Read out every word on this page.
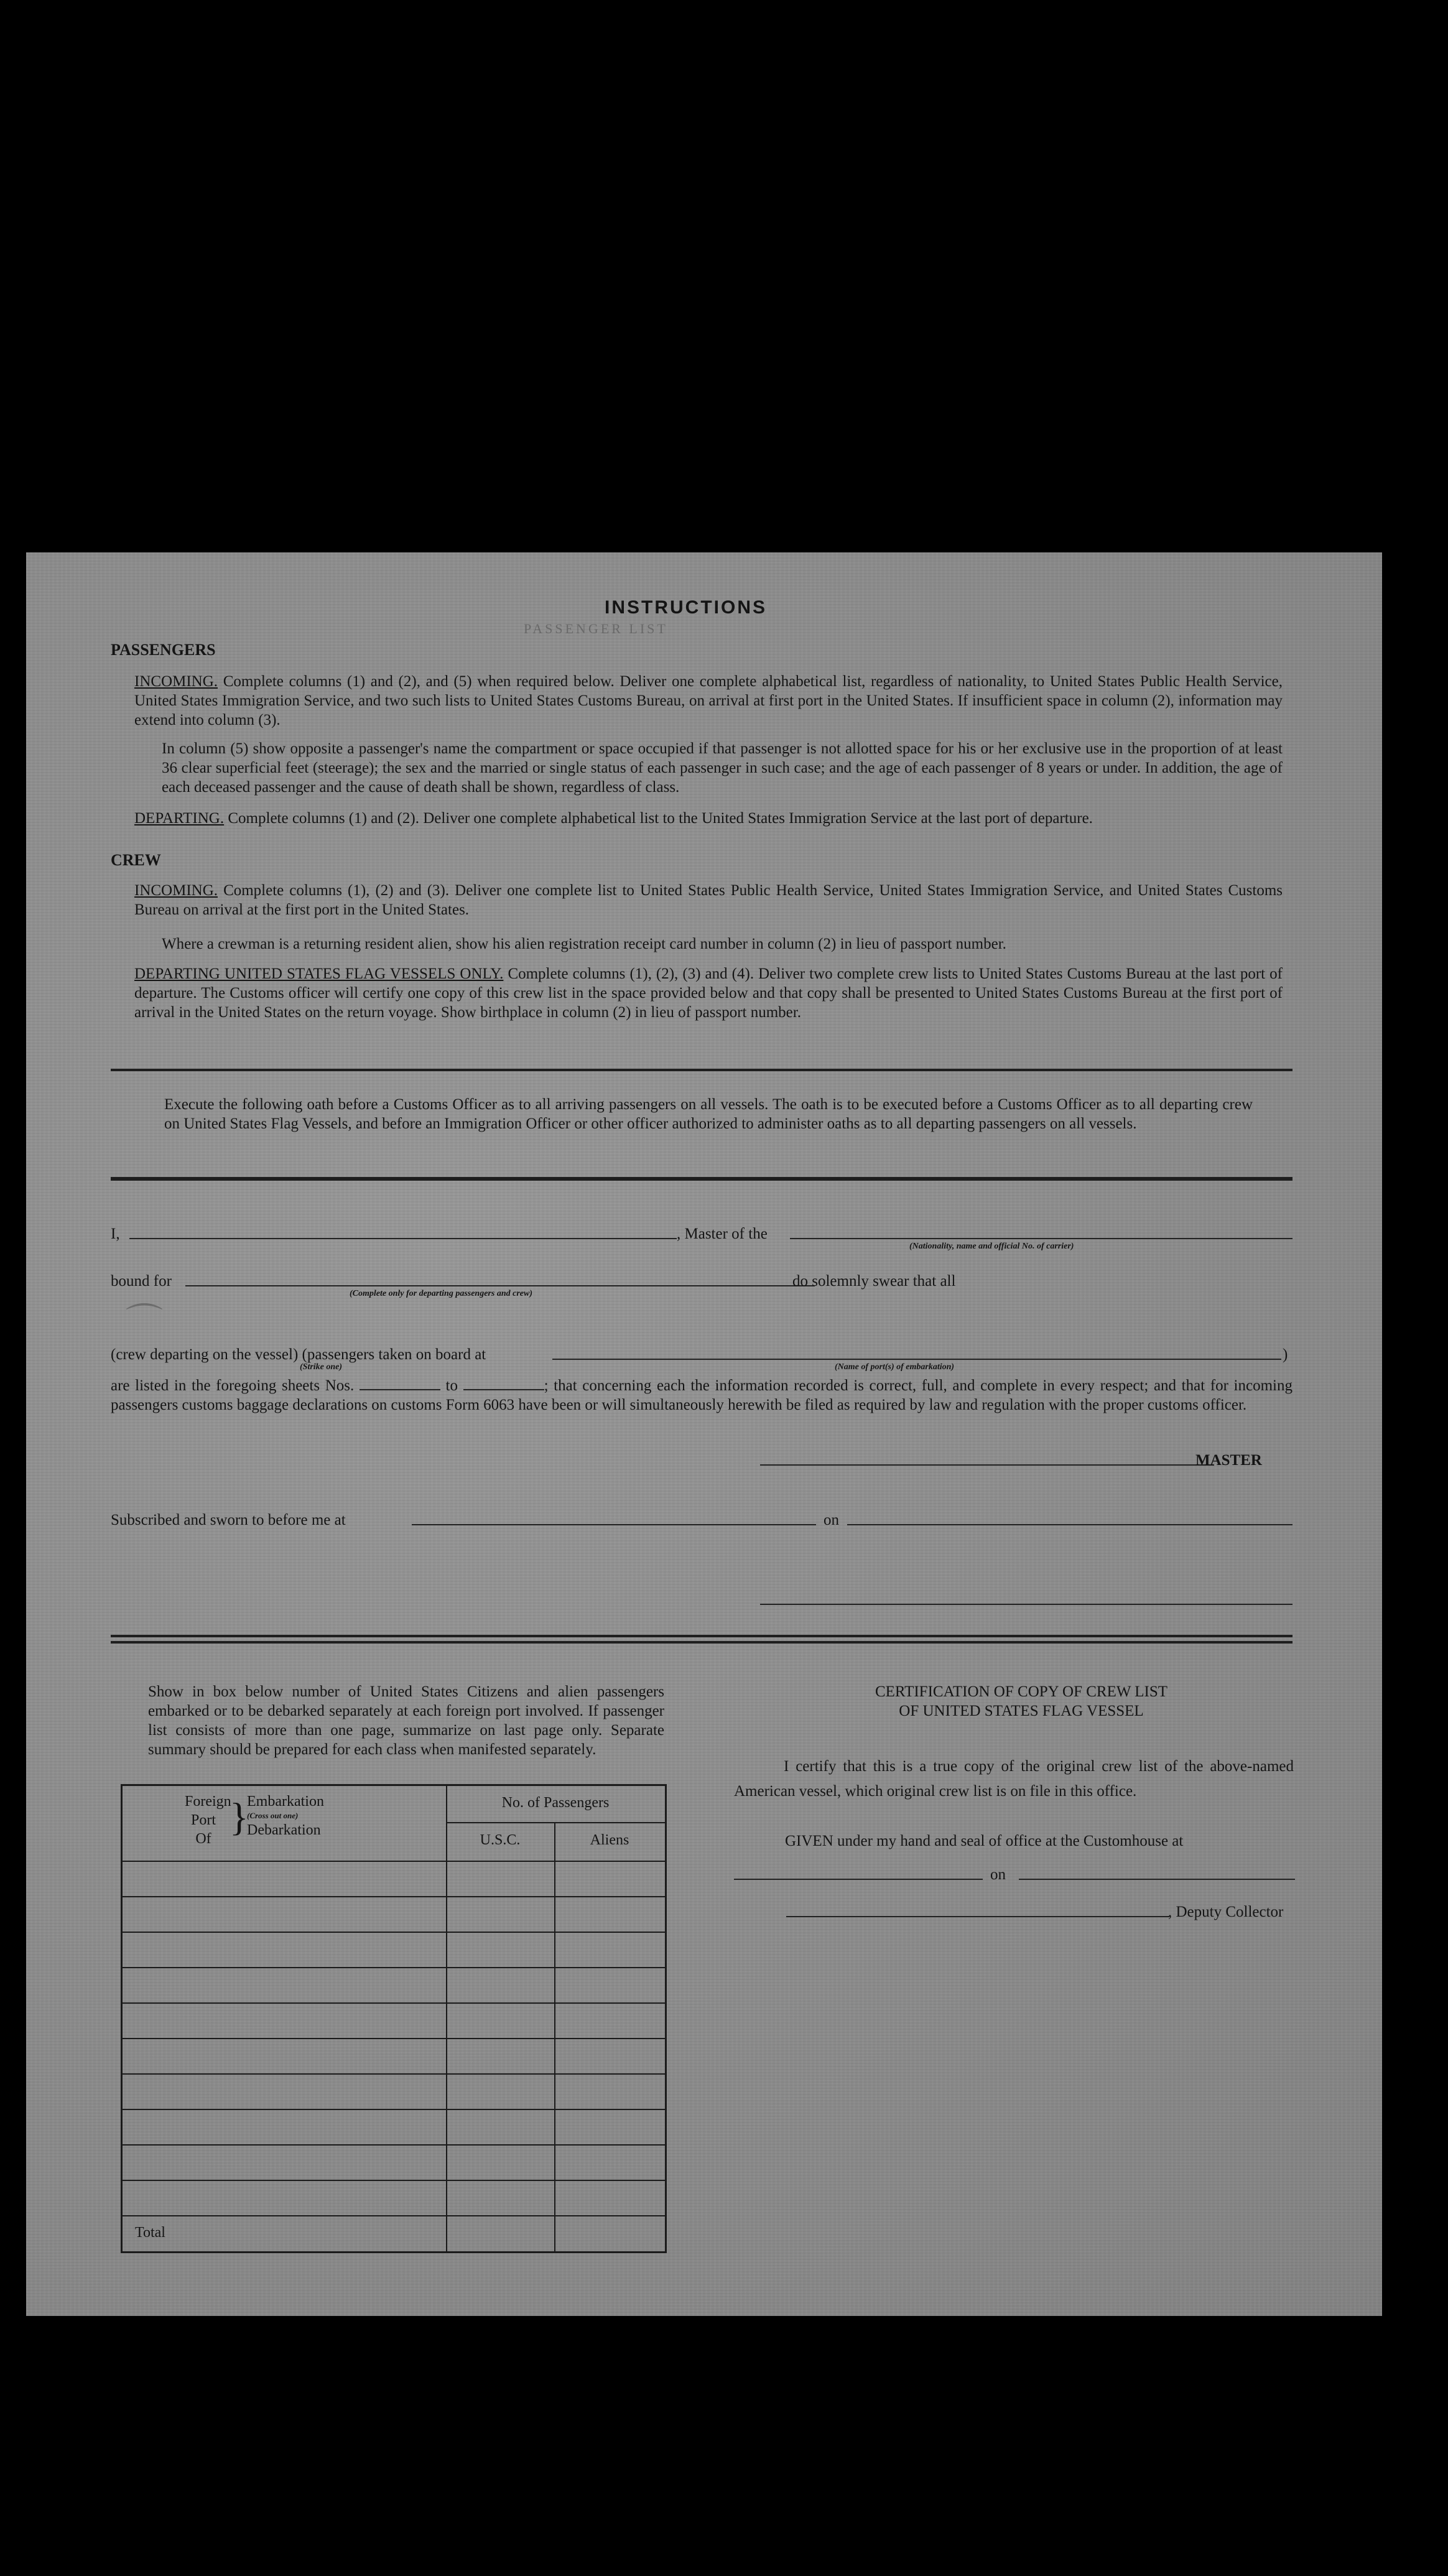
PASSENGER LIST
⌒
INSTRUCTIONS
PASSENGERS
INCOMING. Complete columns (1) and (2), and (5) when required below. Deliver one complete alphabetical list, regardless of nationality, to United States Public Health Service, United States Immigration Service, and two such lists to United States Customs Bureau, on arrival at first port in the United States. If insufficient space in column (2), information may extend into column (3).
In column (5) show opposite a passenger's name the compartment or space occupied if that passenger is not allotted space for his or her exclusive use in the proportion of at least 36 clear superficial feet (steerage); the sex and the married or single status of each passenger in such case; and the age of each passenger of 8 years or under. In addition, the age of each deceased passenger and the cause of death shall be shown, regardless of class.
DEPARTING. Complete columns (1) and (2). Deliver one complete alphabetical list to the United States Immigration Service at the last port of departure.
CREW
INCOMING. Complete columns (1), (2) and (3). Deliver one complete list to United States Public Health Service, United States Immigration Service, and United States Customs Bureau on arrival at the first port in the United States.
Where a crewman is a returning resident alien, show his alien registration receipt card number in column (2) in lieu of passport number.
DEPARTING UNITED STATES FLAG VESSELS ONLY. Complete columns (1), (2), (3) and (4). Deliver two complete crew lists to United States Customs Bureau at the last port of departure. The Customs officer will certify one copy of this crew list in the space provided below and that copy shall be presented to United States Customs Bureau at the first port of arrival in the United States on the return voyage. Show birthplace in column (2) in lieu of passport number.
Execute the following oath before a Customs Officer as to all arriving passengers on all vessels. The oath is to be executed before a Customs Officer as to all departing crew on United States Flag Vessels, and before an Immigration Officer or other officer authorized to administer oaths as to all departing passengers on all vessels.
I,	, Master of the
(Nationality, name and official No. of carrier)
bound for
(Complete only for departing passengers and crew)
do solemnly swear that all
(crew departing on the vessel) (passengers taken on board at	)
(Strike one)	(Name of port(s) of embarkation)
are listed in the foregoing sheets Nos.	to	; that concerning each the information recorded is correct, full, and complete in every respect; and that for incoming passengers customs baggage declarations on customs Form 6063 have been or will simultaneously herewith be filed as required by law and regulation with the proper customs officer.
MASTER
Subscribed and sworn to before me at	on
Show in box below number of United States Citizens and alien passengers embarked or to be debarked separately at each foreign port involved. If passenger list consists of more than one page, summarize on last page only. Separate summary should be prepared for each class when manifested separately.
Foreign
Port
Of }
Embarkation
(Cross out one)
Debarkation
No. of Passengers
U.S.C.	Aliens
Total
CERTIFICATION OF COPY OF CREW LIST
OF UNITED STATES FLAG VESSEL
I certify that this is a true copy of the original crew list of the above-named American vessel, which original crew list is on file in this office.
GIVEN under my hand and seal of office at the Customhouse at
on
, Deputy Collector
